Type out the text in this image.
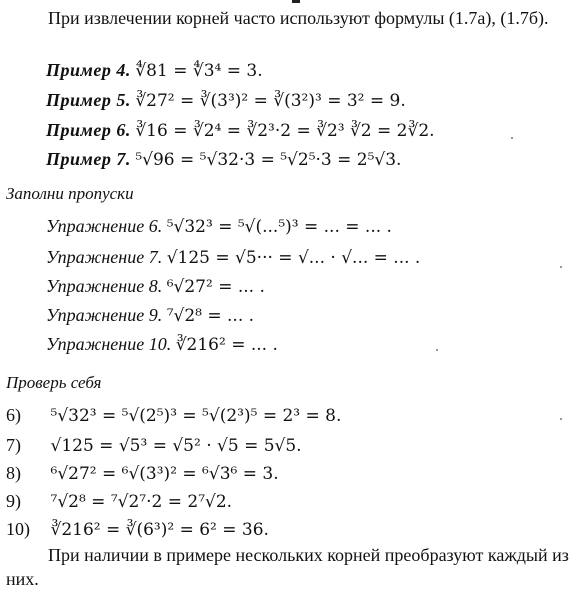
При извлечении корней часто используют формулы (1.7а), (1.7б).
Пример 4. ∜81 = ∜3⁴ = 3.
Пример 5. ∛27² = ∛(3³)² = ∛(3²)³ = 3² = 9.
Пример 6. ∛16 = ∛2⁴ = ∛2³·2 = ∛2³ ∛2 = 2∛2.
Пример 7. ⁵√96 = ⁵√32·3 = ⁵√2⁵·3 = 2⁵√3.
Заполни пропуски
Упражнение 6. ⁵√32³ = ⁵√(...⁵)³ = ... = ... .
Упражнение 7. √125 = √5··· = √... · √... = ... .
Упражнение 8. ⁶√27² = ... .
Упражнение 9. ⁷√2⁸ = ... .
Упражнение 10. ∛216² = ... .
Проверь себя
6) ⁵√32³ = ⁵√(2⁵)³ = ⁵√(2³)⁵ = 2³ = 8.
7) √125 = √5³ = √5² · √5 = 5√5.
8) ⁶√27² = ⁶√(3³)² = ⁶√3⁶ = 3.
9) ⁷√2⁸ = ⁷√2⁷·2 = 2⁷√2.
10) ∛216² = ∛(6³)² = 6² = 36.
При наличии в примере нескольких корней преобразуют каждый из них.
